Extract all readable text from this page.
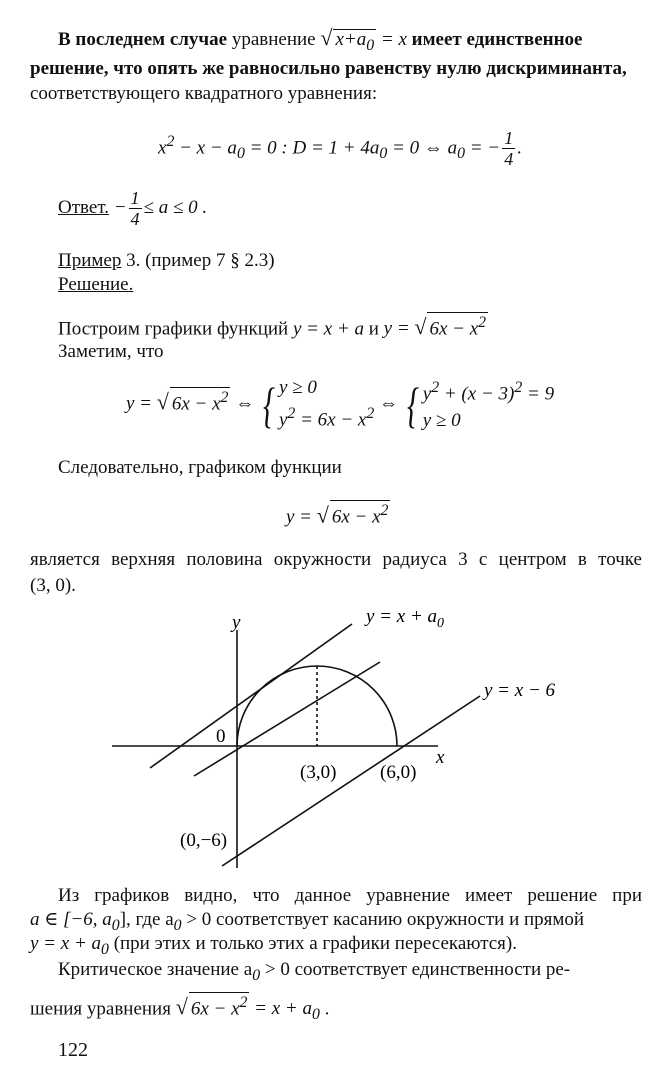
В последнем случае уравнение √ $x+a_0 = x$ имеет единственное
решение, что опять же равносильно равенству нулю дискриминанта,
соответствующего квадратного уравнения:
$x^2 - x - a_0 = 0$ : $D = 1 + 4a_0 = 0$ ⇔ $a_0$ = − $\frac{1}{4}$ .
Ответ. − $\frac{1}{4} \le a \le 0$ .
Пример 3. (пример 7 § 2.3)
Решение.
Построим графики функций y = x + a и y = √ $6x - x^2$
Заметим, что
y = √ $6x - x^2$ ⇔ { y ≥ 0
$y^2 = 6x - x^2$ ⇔ { $y^2 + (x - 3)^2 = 9$
y ≥ 0
Следовательно, графиком функции
y = √ $6x - x^2$
является верхняя половина окружности радиуса 3 с центром в точке
(3, 0).
y
x
0
(3,0) (6,0)
(0,−6)
$y = x + a_0$
y = x − 6
Из графиков видно, что данное уравнение имеет решение при
a ∈ [−6, $a_0$], где $a_0 > 0$ соответствует касанию окружности и прямой
$y = x + a_0$ (при этих и только этих a графики пересекаются).
Критическое значение $a_0 > 0$ соответствует единственности ре-
шения уравнения √ $6x - x^2 = x + a_0$ .
122
